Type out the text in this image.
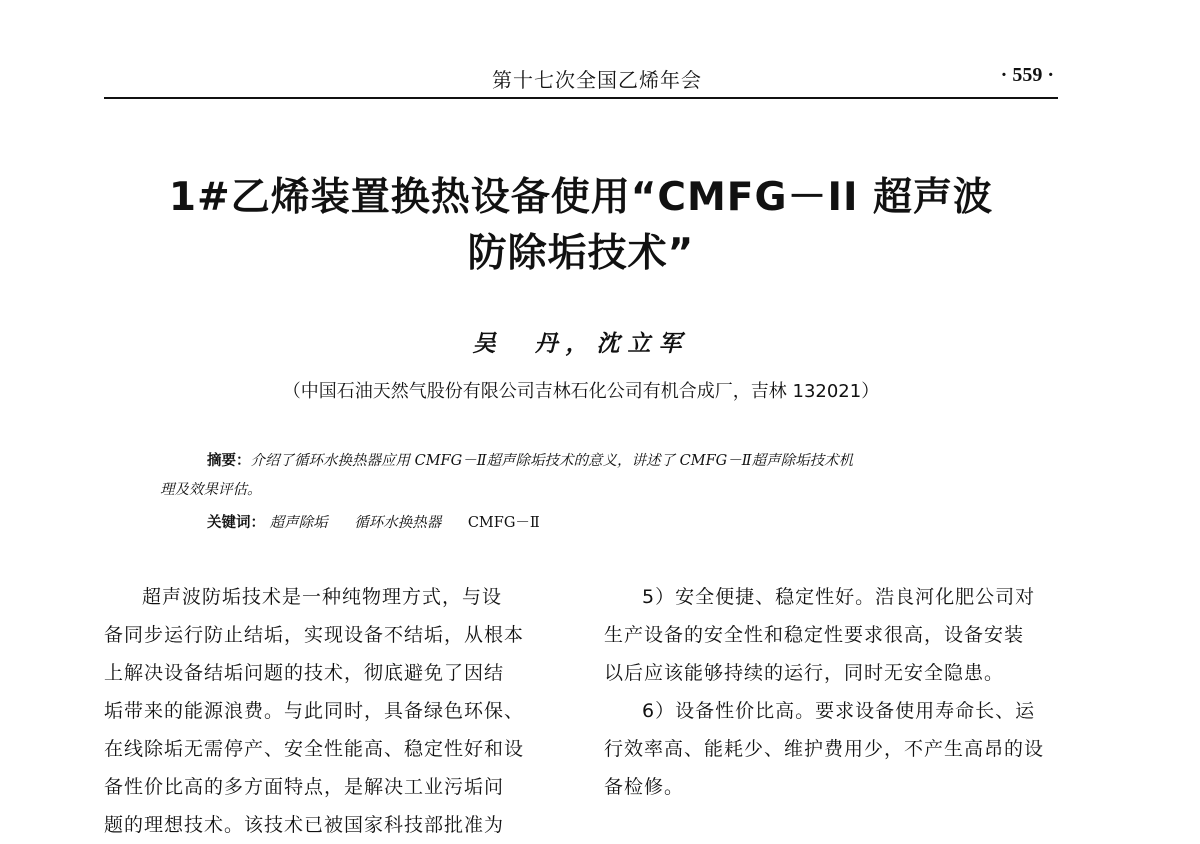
第十七次全国乙烯年会	· 559 ·
1#乙烯装置换热设备使用“CMFG－II 超声波
防除垢技术”
吴　丹，沈立军
（中国石油天然气股份有限公司吉林石化公司有机合成厂，吉林 132021）
摘要：介绍了循环水换热器应用 CMFG－Ⅱ超声除垢技术的意义，讲述了 CMFG－Ⅱ超声除垢技术机
理及效果评估。
关键词： 超声除垢 循环水换热器 CMFG－Ⅱ
超声波防垢技术是一种纯物理方式，与设
备同步运行防止结垢，实现设备不结垢，从根本
上解决设备结垢问题的技术，彻底避免了因结
垢带来的能源浪费。与此同时，具备绿色环保、
在线除垢无需停产、安全性能高、稳定性好和设
备性价比高的多方面特点，是解决工业污垢问
题的理想技术。该技术已被国家科技部批准为
5）安全便捷、稳定性好。浩良河化肥公司对
生产设备的安全性和稳定性要求很高，设备安装
以后应该能够持续的运行，同时无安全隐患。
6）设备性价比高。要求设备使用寿命长、运
行效率高、能耗少、维护费用少，不产生高昂的设
备检修。
